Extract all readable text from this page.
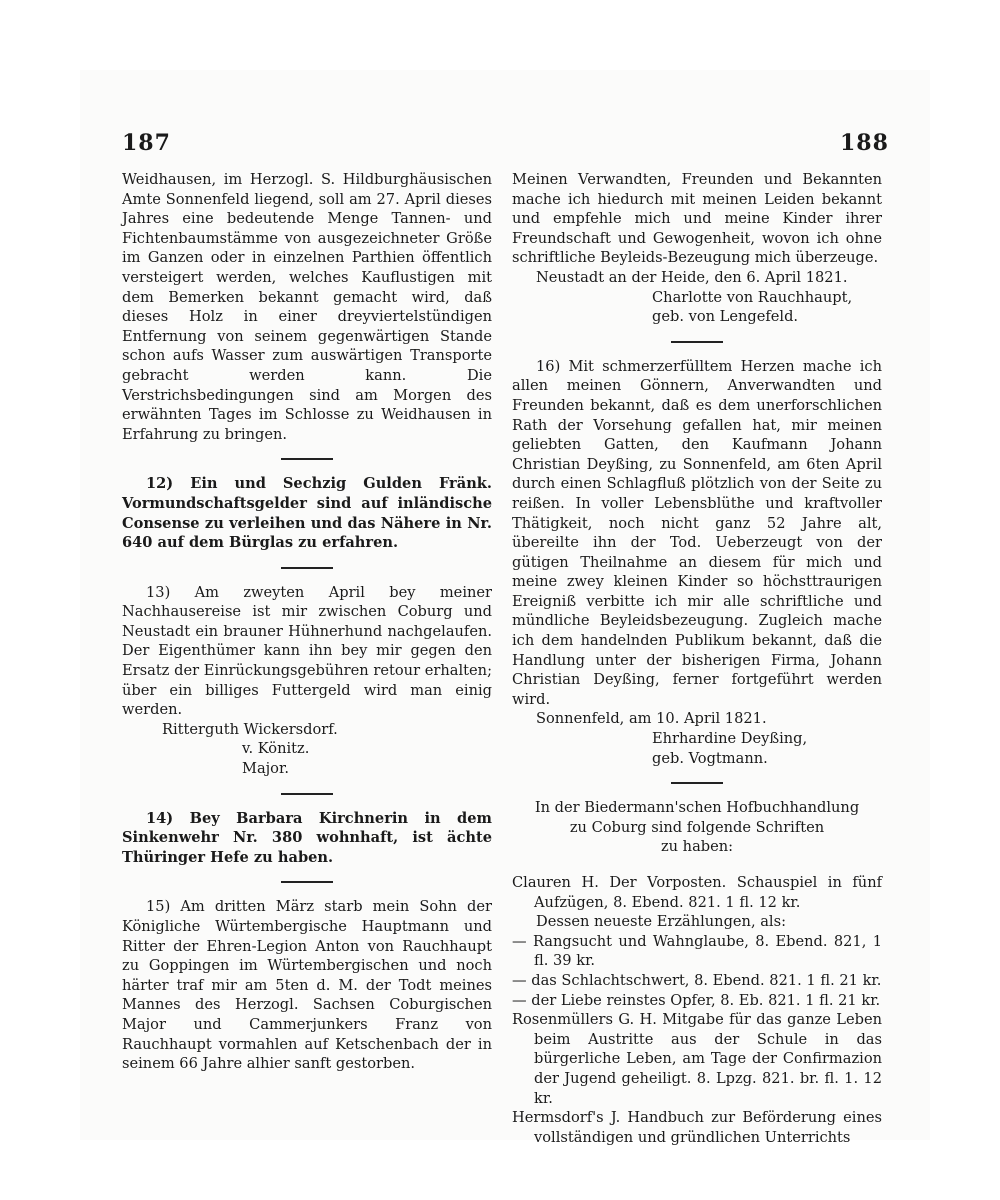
187	188

Weidhausen, im Herzogl. S. Hildburghäusischen Amte Sonnenfeld liegend, soll am 27. April dieses Jahres eine bedeutende Menge Tannen- und Fichtenbaumstämme von ausgezeichneter Größe im Ganzen oder in einzelnen Parthien öffentlich versteigert werden, welches Kauflustigen mit dem Bemerken bekannt gemacht wird, daß dieses Holz in einer dreyviertelstündigen Entfernung von seinem gegenwärtigen Stande schon aufs Wasser zum auswärtigen Transporte gebracht werden kann. Die Verstrichsbedingungen sind am Morgen des erwähnten Tages im Schlosse zu Weidhausen in Erfahrung zu bringen.

12) Ein und Sechzig Gulden Fränk. Vormundschaftsgelder sind auf inländische Consense zu verleihen und das Nähere in Nr. 640 auf dem Bürglas zu erfahren.

13) Am zweyten April bey meiner Nachhausereise ist mir zwischen Coburg und Neustadt ein brauner Hühnerhund nachgelaufen. Der Eigenthümer kann ihn bey mir gegen den Ersatz der Einrückungsgebühren retour erhalten; über ein billiges Futtergeld wird man einig werden.

Ritterguth Wickersdorf.

v. Könitz.

Major.

14) Bey Barbara Kirchnerin in dem Sinkenwehr Nr. 380 wohnhaft, ist ächte Thüringer Hefe zu haben.

15) Am dritten März starb mein Sohn der Königliche Würtembergische Hauptmann und Ritter der Ehren-Legion Anton von Rauchhaupt zu Goppingen im Würtembergischen und noch härter traf mir am 5ten d. M. der Todt meines Mannes des Herzogl. Sachsen Coburgischen Major und Cammerjunkers Franz von Rauchhaupt vormahlen auf Ketschenbach der in seinem 66 Jahre alhier sanft gestorben.

Meinen Verwandten, Freunden und Bekannten mache ich hiedurch mit meinen Leiden bekannt und empfehle mich und meine Kinder ihrer Freundschaft und Gewogenheit, wovon ich ohne schriftliche Beyleids-Bezeugung mich überzeuge.

Neustadt an der Heide, den 6. April 1821.

Charlotte von Rauchhaupt,

geb. von Lengefeld.

16) Mit schmerzerfülltem Herzen mache ich allen meinen Gönnern, Anverwandten und Freunden bekannt, daß es dem unerforschlichen Rath der Vorsehung gefallen hat, mir meinen geliebten Gatten, den Kaufmann Johann Christian Deyßing, zu Sonnenfeld, am 6ten April durch einen Schlagfluß plötzlich von der Seite zu reißen. In voller Lebensblüthe und kraftvoller Thätigkeit, noch nicht ganz 52 Jahre alt, übereilte ihn der Tod. Ueberzeugt von der gütigen Theilnahme an diesem für mich und meine zwey kleinen Kinder so höchsttraurigen Ereigniß verbitte ich mir alle schriftliche und mündliche Beyleidsbezeugung. Zugleich mache ich dem handelnden Publikum bekannt, daß die Handlung unter der bisherigen Firma, Johann Christian Deyßing, ferner fortgeführt werden wird.

Sonnenfeld, am 10. April 1821.

Ehrhardine Deyßing,

geb. Vogtmann.

In der Biedermann'schen Hofbuchhandlung

zu Coburg sind folgende Schriften

zu haben:

Clauren H. Der Vorposten. Schauspiel in fünf Aufzügen, 8. Ebend. 821. 1 fl. 12 kr.

Dessen neueste Erzählungen, als:

— Rangsucht und Wahnglaube, 8. Ebend. 821, 1 fl. 39 kr.

— das Schlachtschwert, 8. Ebend. 821. 1 fl. 21 kr.

— der Liebe reinstes Opfer, 8. Eb. 821. 1 fl. 21 kr.

Rosenmüllers G. H. Mitgabe für das ganze Leben beim Austritte aus der Schule in das bürgerliche Leben, am Tage der Confirmazion der Jugend geheiligt. 8. Lpzg. 821. br. fl. 1. 12 kr.

Hermsdorf's J. Handbuch zur Beförderung eines vollständigen und gründlichen Unterrichts
